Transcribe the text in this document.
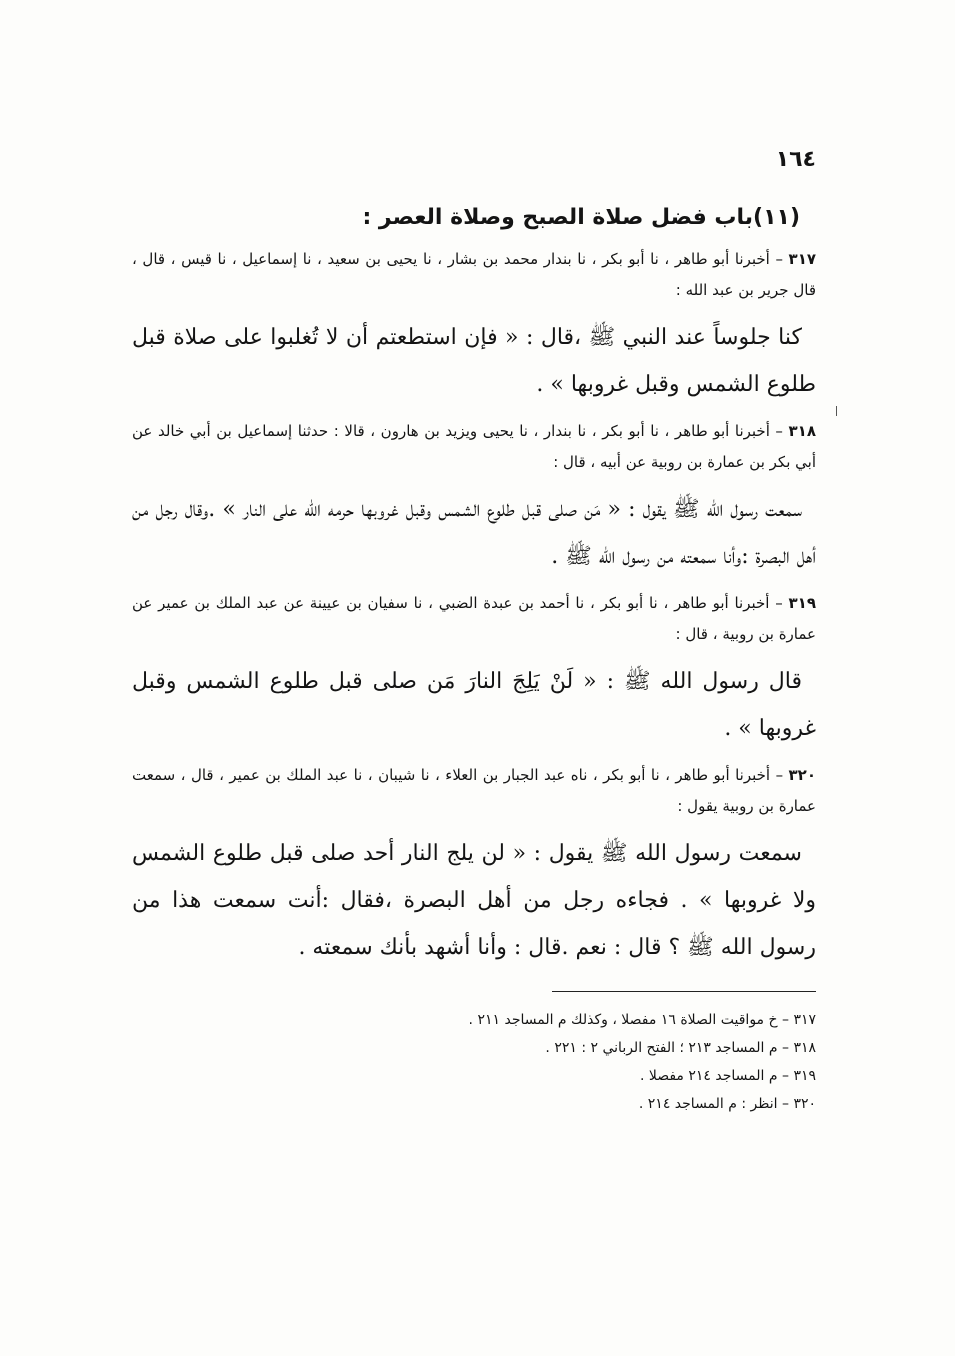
١٦٤
(١١)باب فضل صلاة الصبح وصلاة العصر :

٣١٧ – أخبرنا أبو طاهر ، نا أبو بكر ، نا بندار محمد بن بشار ، نا يحيى بن سعيد ، نا إسماعيل ، نا قيس ، قال ، قال جرير بن عبد الله :

كنا جلوساً عند النبي ﷺ ،قال : « فإن استطعتم أن لا تُغلبوا على صلاة قبل طلوع الشمس وقبل غروبها » .

٣١٨ – أخبرنا أبو طاهر ، نا أبو بكر ، نا بندار ، نا يحيى ويزيد بن هارون ، قالا : حدثنا إسماعيل بن أبي خالد عن أبي بكر بن عمارة بن روبية عن أبيه ، قال :

سمعت رسول الله ﷺ يقول : « مَن صلى قبل طلوع الشمس وقبل غروبها حرمه الله على النار » .وقال رجل من أهل البصرة :وأنا سمعته من رسول الله ﷺ .

٣١٩ – أخبرنا أبو طاهر ، نا أبو بكر ، نا أحمد بن عبدة الضبي ، نا سفيان بن عيينة عن عبد الملك بن عمير عن عمارة بن روبية ، قال :

قال رسول الله ﷺ : « لَنْ يَلِجَ النارَ مَن صلى قبل طلوع الشمس وقبل غروبها » .

٣٢٠ – أخبرنا أبو طاهر ، نا أبو بكر ، ناه عبد الجبار بن العلاء ، نا شيبان ، نا عبد الملك بن عمير ، قال ، سمعت عمارة بن روبية يقول :

سمعت رسول الله ﷺ يقول : « لن يلج النار أحد صلى قبل طلوع الشمس ولا غروبها » . فجاءه رجل من أهل البصرة ،فقال :أنت سمعت هذا من رسول الله ﷺ ؟ قال : نعم .قال : وأنا أشهد بأنك سمعته .

٣١٧ – خ مواقيت الصلاة ١٦ مفصلا ، وكذلك م المساجد ٢١١ .

٣١٨ – م المساجد ٢١٣ ؛ الفتح الرباني ٢ : ٢٢١ .

٣١٩ – م المساجد ٢١٤ مفصلا .

٣٢٠ – انظر : م المساجد ٢١٤ .
